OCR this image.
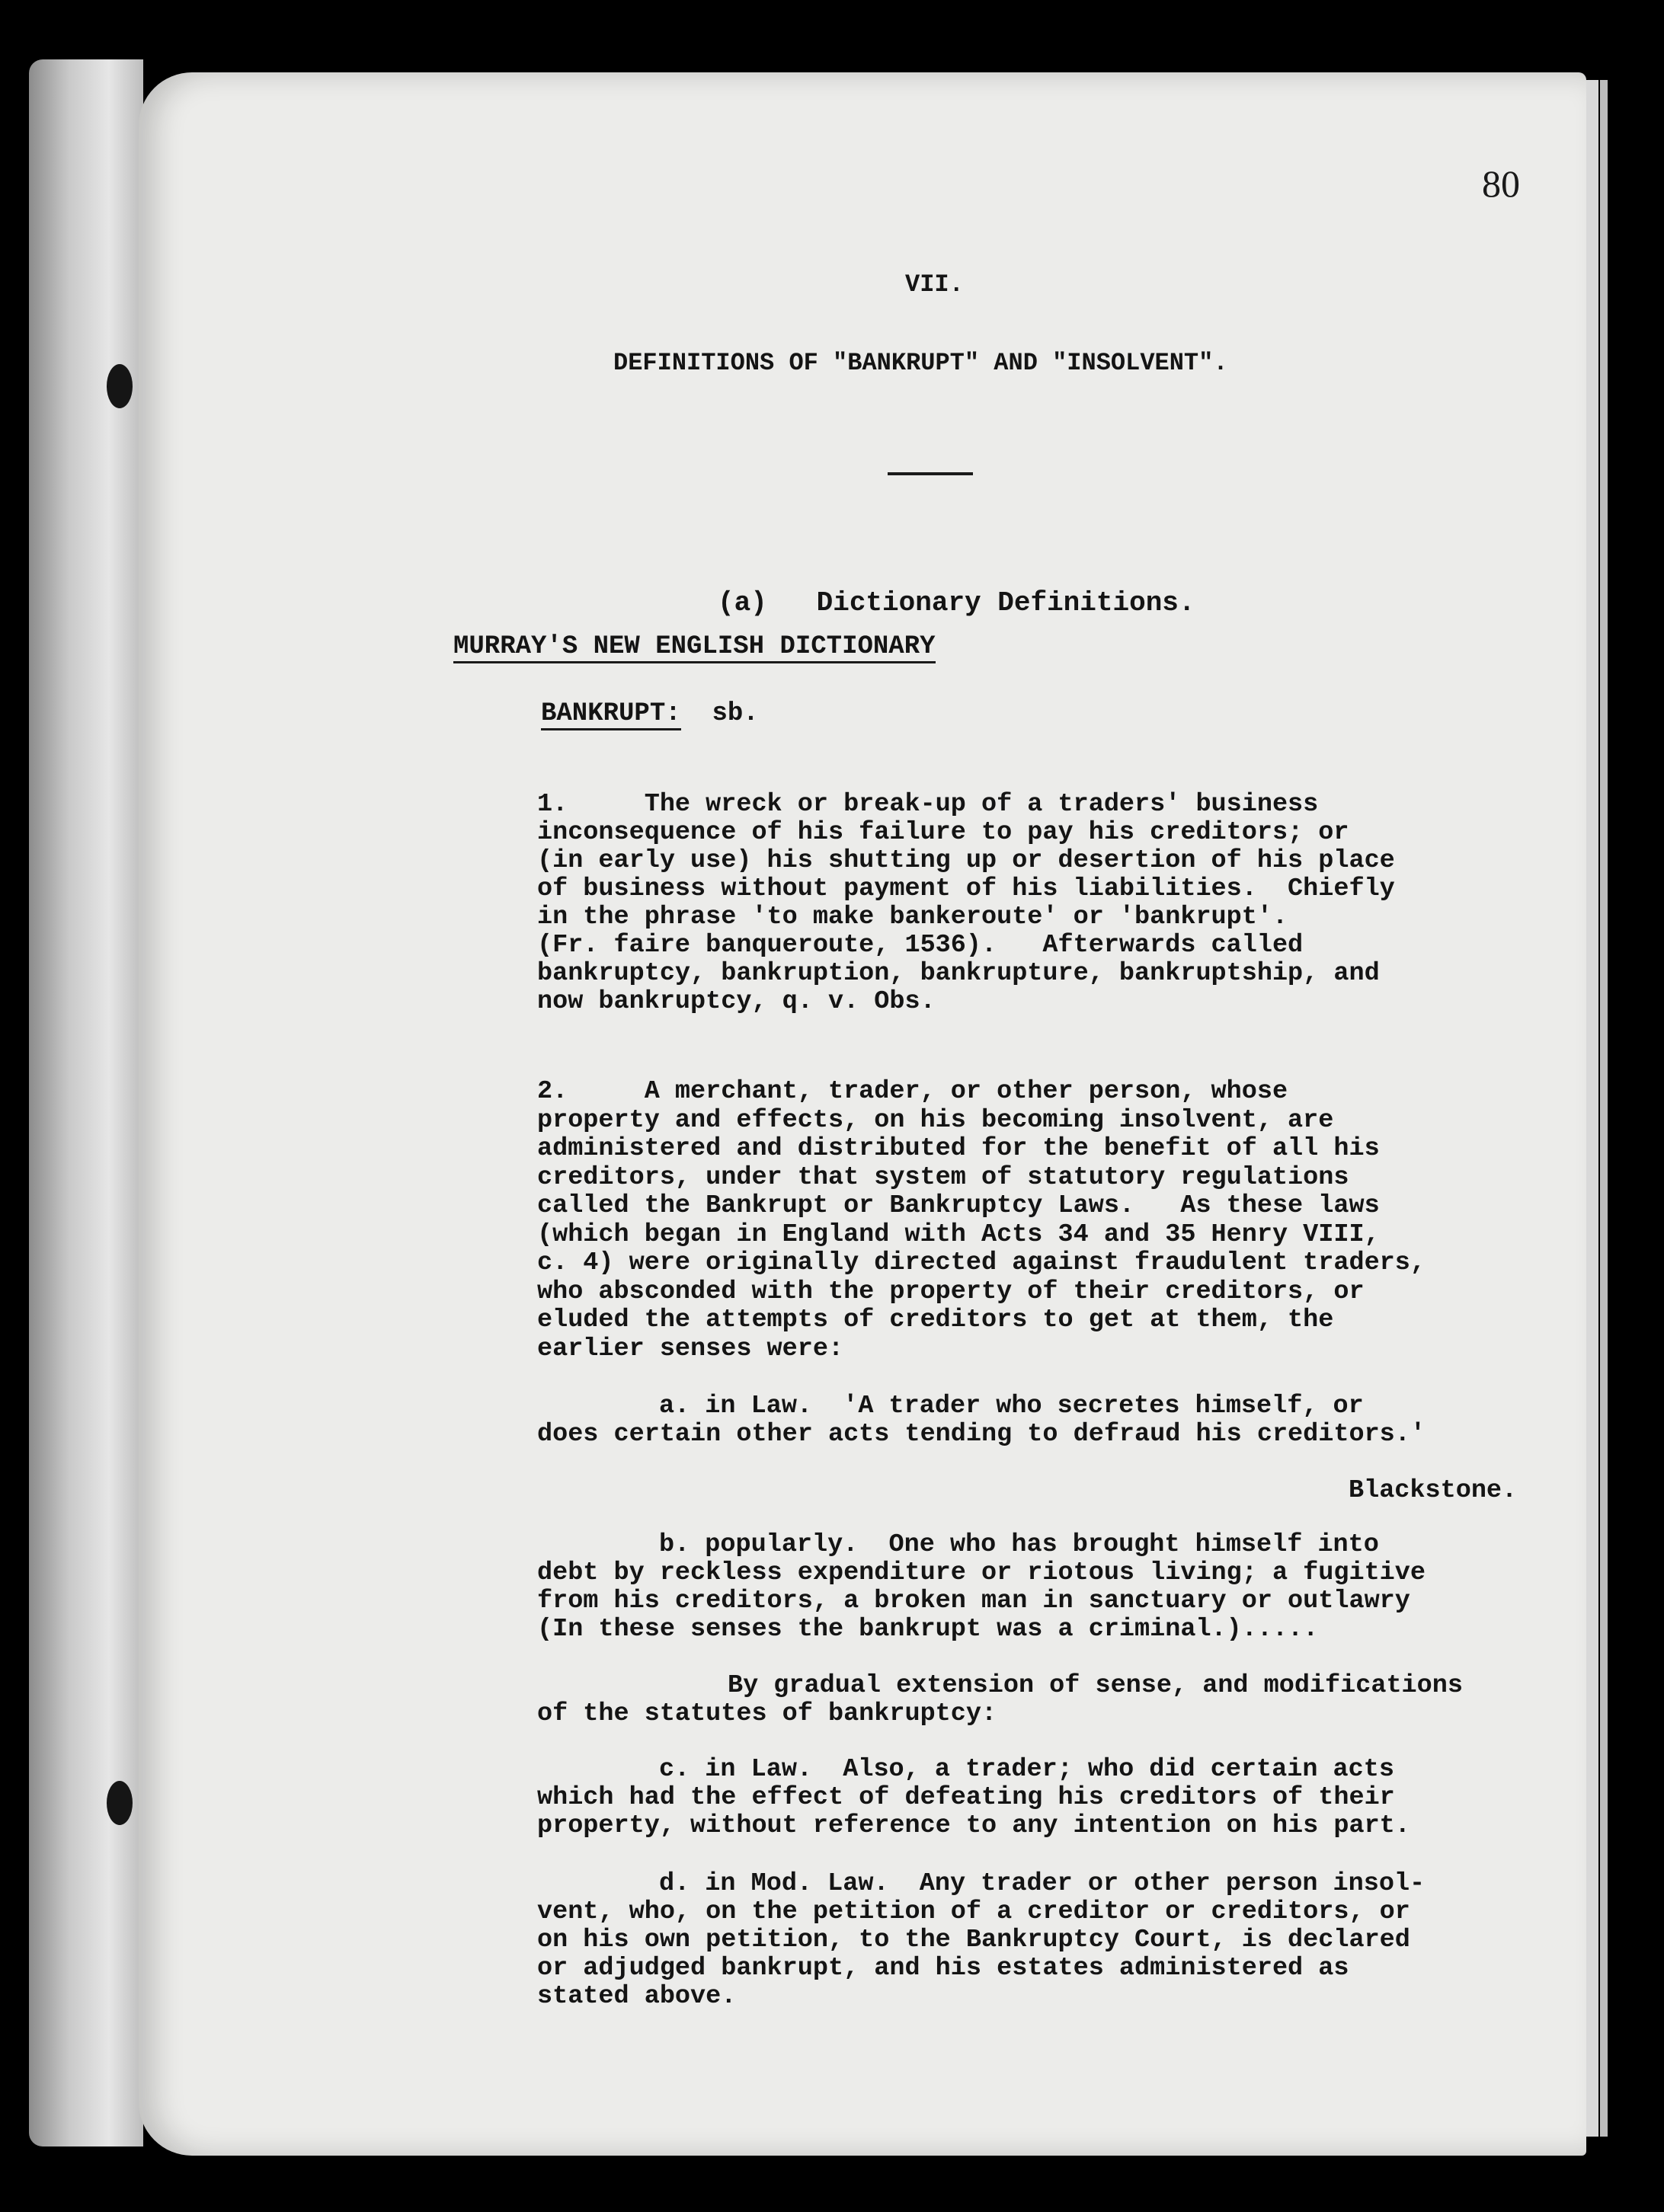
80
VII.
DEFINITIONS OF "BANKRUPT" AND "INSOLVENT".
(a)   Dictionary Definitions.
MURRAY'S NEW ENGLISH DICTIONARY
BANKRUPT: sb.
1.     The wreck or break-up of a traders' business
inconsequence of his failure to pay his creditors; or
(in early use) his shutting up or desertion of his place
of business without payment of his liabilities.  Chiefly
in the phrase 'to make bankeroute' or 'bankrupt'.
(Fr. faire banqueroute, 1536).   Afterwards called
bankruptcy, bankruption, bankrupture, bankruptship, and
now bankruptcy, q. v. Obs.
2.     A merchant, trader, or other person, whose
property and effects, on his becoming insolvent, are
administered and distributed for the benefit of all his
creditors, under that system of statutory regulations
called the Bankrupt or Bankruptcy Laws.   As these laws
(which began in England with Acts 34 and 35 Henry VIII,
c. 4) were originally directed against fraudulent traders,
who absconded with the property of their creditors, or
eluded the attempts of creditors to get at them, the
earlier senses were:
a. in Law.  'A trader who secretes himself, or
does certain other acts tending to defraud his creditors.'
Blackstone.
b. popularly.  One who has brought himself into
debt by reckless expenditure or riotous living; a fugitive
from his creditors, a broken man in sanctuary or outlawry
(In these senses the bankrupt was a criminal.).....
By gradual extension of sense, and modifications
of the statutes of bankruptcy:
c. in Law.  Also, a trader; who did certain acts
which had the effect of defeating his creditors of their
property, without reference to any intention on his part.
d. in Mod. Law.  Any trader or other person insol-
vent, who, on the petition of a creditor or creditors, or
on his own petition, to the Bankruptcy Court, is declared
or adjudged bankrupt, and his estates administered as
stated above.
